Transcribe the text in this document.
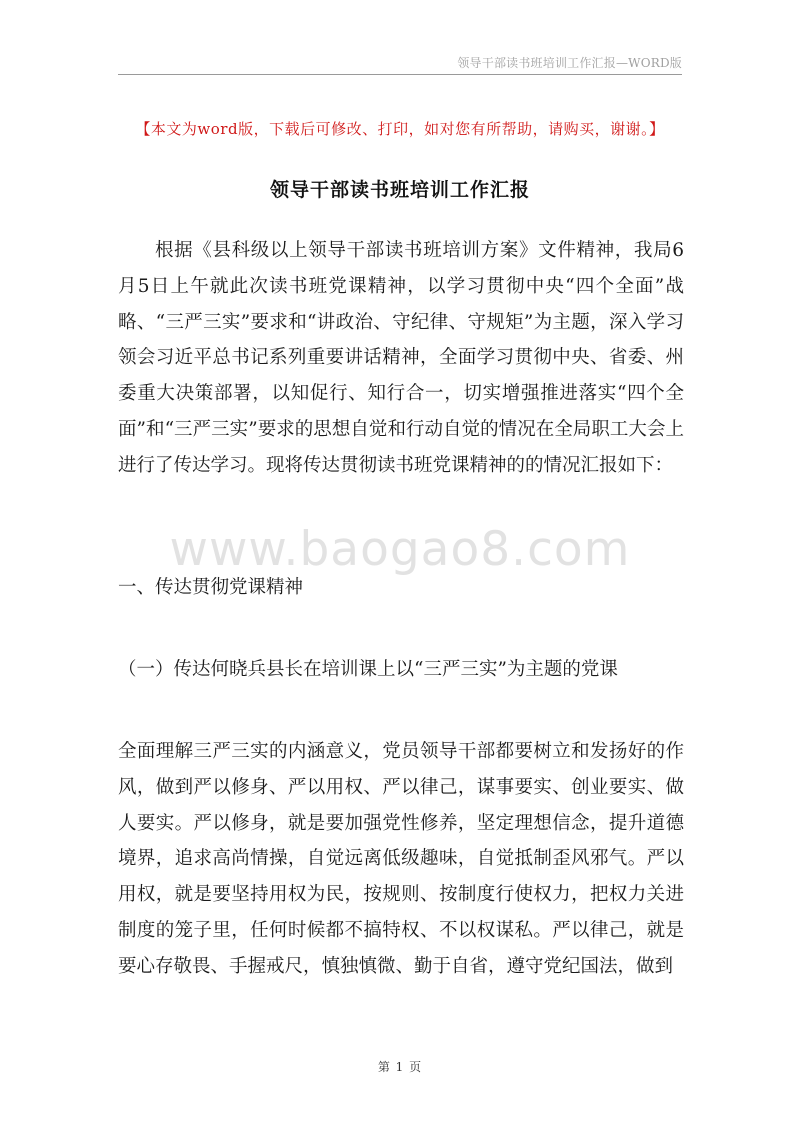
领导干部读书班培训工作汇报—WORD版
【本文为word版，下载后可修改、打印，如对您有所帮助，请购买，谢谢。】
领导干部读书班培训工作汇报

根据《县科级以上领导干部读书班培训方案》文件精神，我局6月5日上午就此次读书班党课精神，以学习贯彻中央“四个全面”战略、“三严三实”要求和“讲政治、守纪律、守规矩”为主题，深入学习领会习近平总书记系列重要讲话精神，全面学习贯彻中央、省委、州委重大决策部署，以知促行、知行合一，切实增强推进落实“四个全面”和“三严三实”要求的思想自觉和行动自觉的情况在全局职工大会上进行了传达学习。现将传达贯彻读书班党课精神的的情况汇报如下：

www.baogao8.com

一、传达贯彻党课精神

（一）传达何晓兵县长在培训课上以“三严三实”为主题的党课

全面理解三严三实的内涵意义，党员领导干部都要树立和发扬好的作风，做到严以修身、严以用权、严以律己，谋事要实、创业要实、做人要实。严以修身，就是要加强党性修养，坚定理想信念，提升道德境界，追求高尚情操，自觉远离低级趣味，自觉抵制歪风邪气。严以用权，就是要坚持用权为民，按规则、按制度行使权力，把权力关进制度的笼子里，任何时候都不搞特权、不以权谋私。严以律己，就是要心存敬畏、手握戒尺，慎独慎微、勤于自省，遵守党纪国法，做到

第 1 页
